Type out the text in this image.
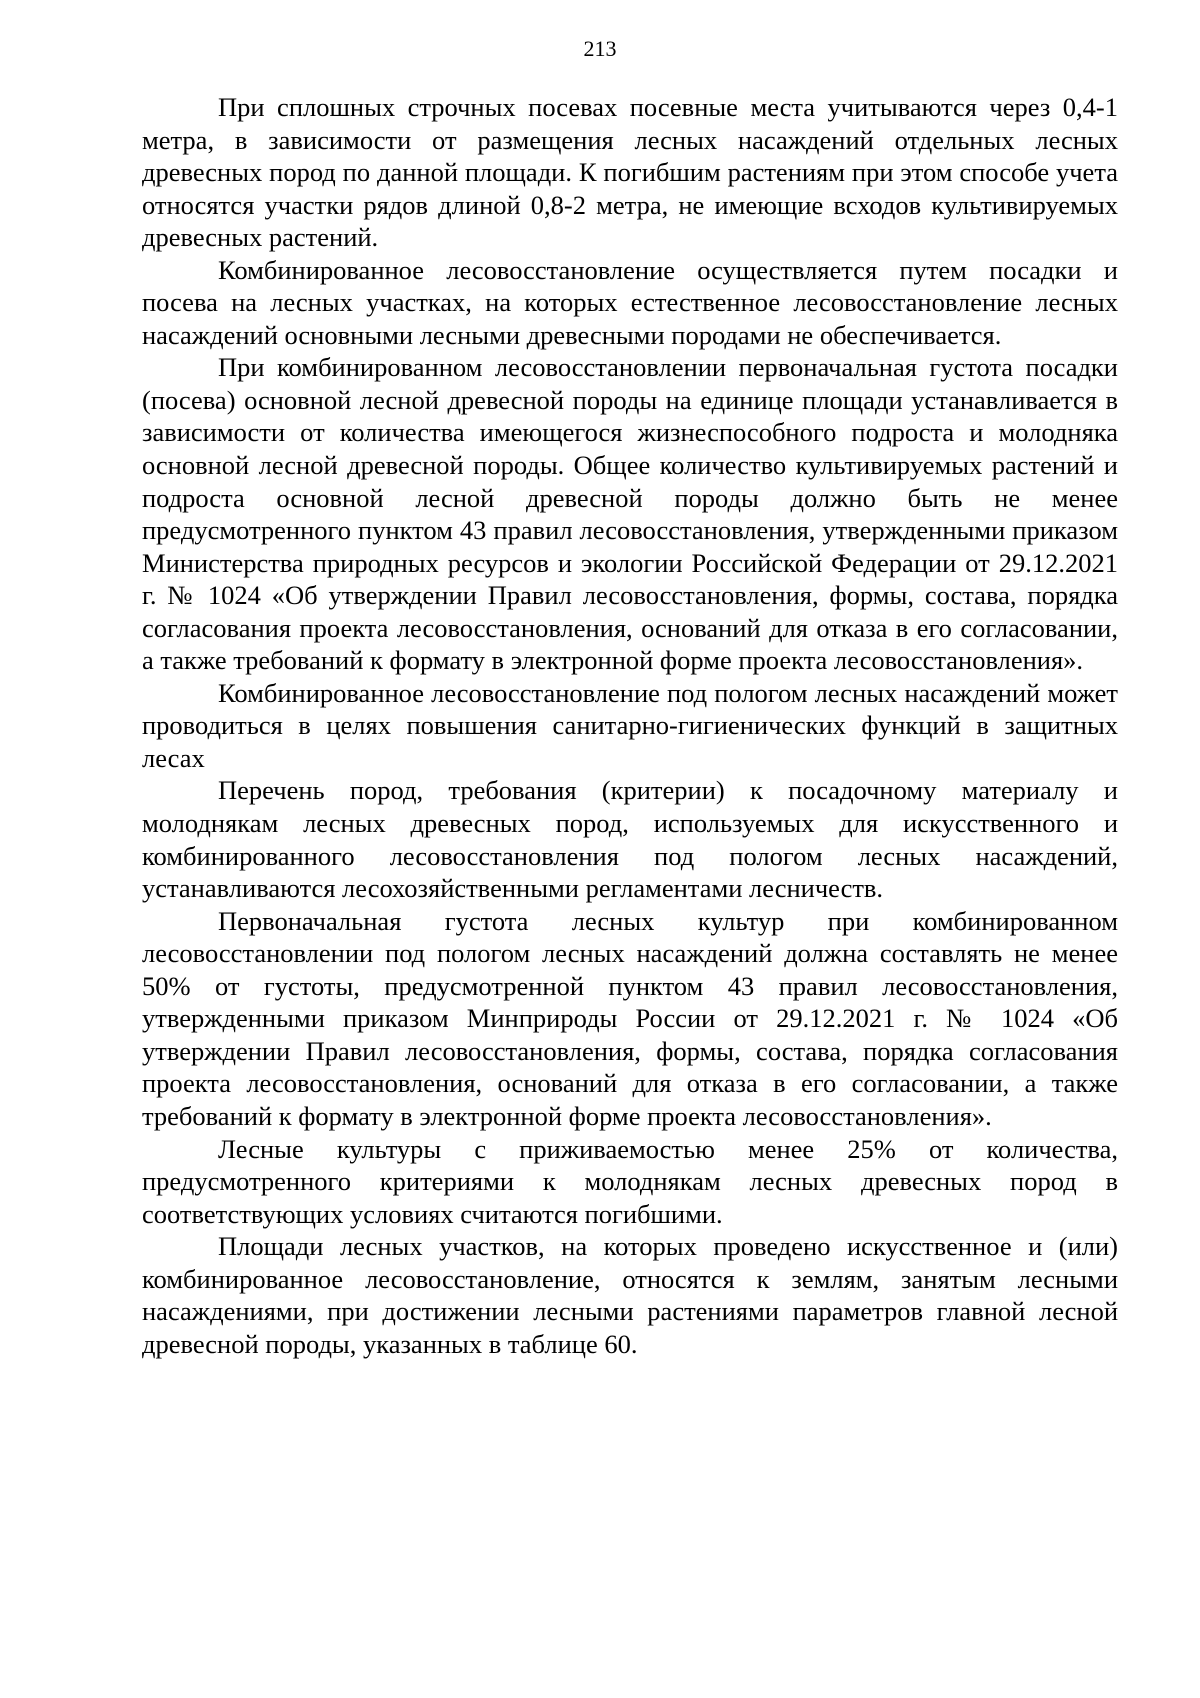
213

При сплошных строчных посевах посевные места учитываются через 0,4-1 метра, в зависимости от размещения лесных насаждений отдельных лесных древесных пород по данной площади. К погибшим растениям при этом способе учета относятся участки рядов длиной 0,8-2 метра, не имеющие всходов культивируемых древесных растений.

Комбинированное лесовосстановление осуществляется путем посадки и посева на лесных участках, на которых естественное лесовосстановление лесных насаждений основными лесными древесными породами не обеспечивается.

При комбинированном лесовосстановлении первоначальная густота посадки (посева) основной лесной древесной породы на единице площади устанавливается в зависимости от количества имеющегося жизнеспособного подроста и молодняка основной лесной древесной породы. Общее количество культивируемых растений и подроста основной лесной древесной породы должно быть не менее предусмотренного пунктом 43 правил лесовосстановления, утвержденными приказом Министерства природных ресурсов и экологии Российской Федерации от 29.12.2021 г. № 1024 «Об утверждении Правил лесовосстановления, формы, состава, порядка согласования проекта лесовосстановления, оснований для отказа в его согласовании, а также требований к формату в электронной форме проекта лесовосстановления».

Комбинированное лесовосстановление под пологом лесных насаждений может проводиться в целях повышения санитарно-гигиенических функций в защитных лесах

Перечень пород, требования (критерии) к посадочному материалу и молоднякам лесных древесных пород, используемых для искусственного и комбинированного лесовосстановления под пологом лесных насаждений, устанавливаются лесохозяйственными регламентами лесничеств.

Первоначальная густота лесных культур при комбинированном лесовосстановлении под пологом лесных насаждений должна составлять не менее 50% от густоты, предусмотренной пунктом 43 правил лесовосстановления, утвержденными приказом Минприроды России от 29.12.2021 г. № 1024 «Об утверждении Правил лесовосстановления, формы, состава, порядка согласования проекта лесовосстановления, оснований для отказа в его согласовании, а также требований к формату в электронной форме проекта лесовосстановления».

Лесные культуры с приживаемостью менее 25% от количества, предусмотренного критериями к молоднякам лесных древесных пород в соответствующих условиях считаются погибшими.

Площади лесных участков, на которых проведено искусственное и (или) комбинированное лесовосстановление, относятся к землям, занятым лесными насаждениями, при достижении лесными растениями параметров главной лесной древесной породы, указанных в таблице 60.
